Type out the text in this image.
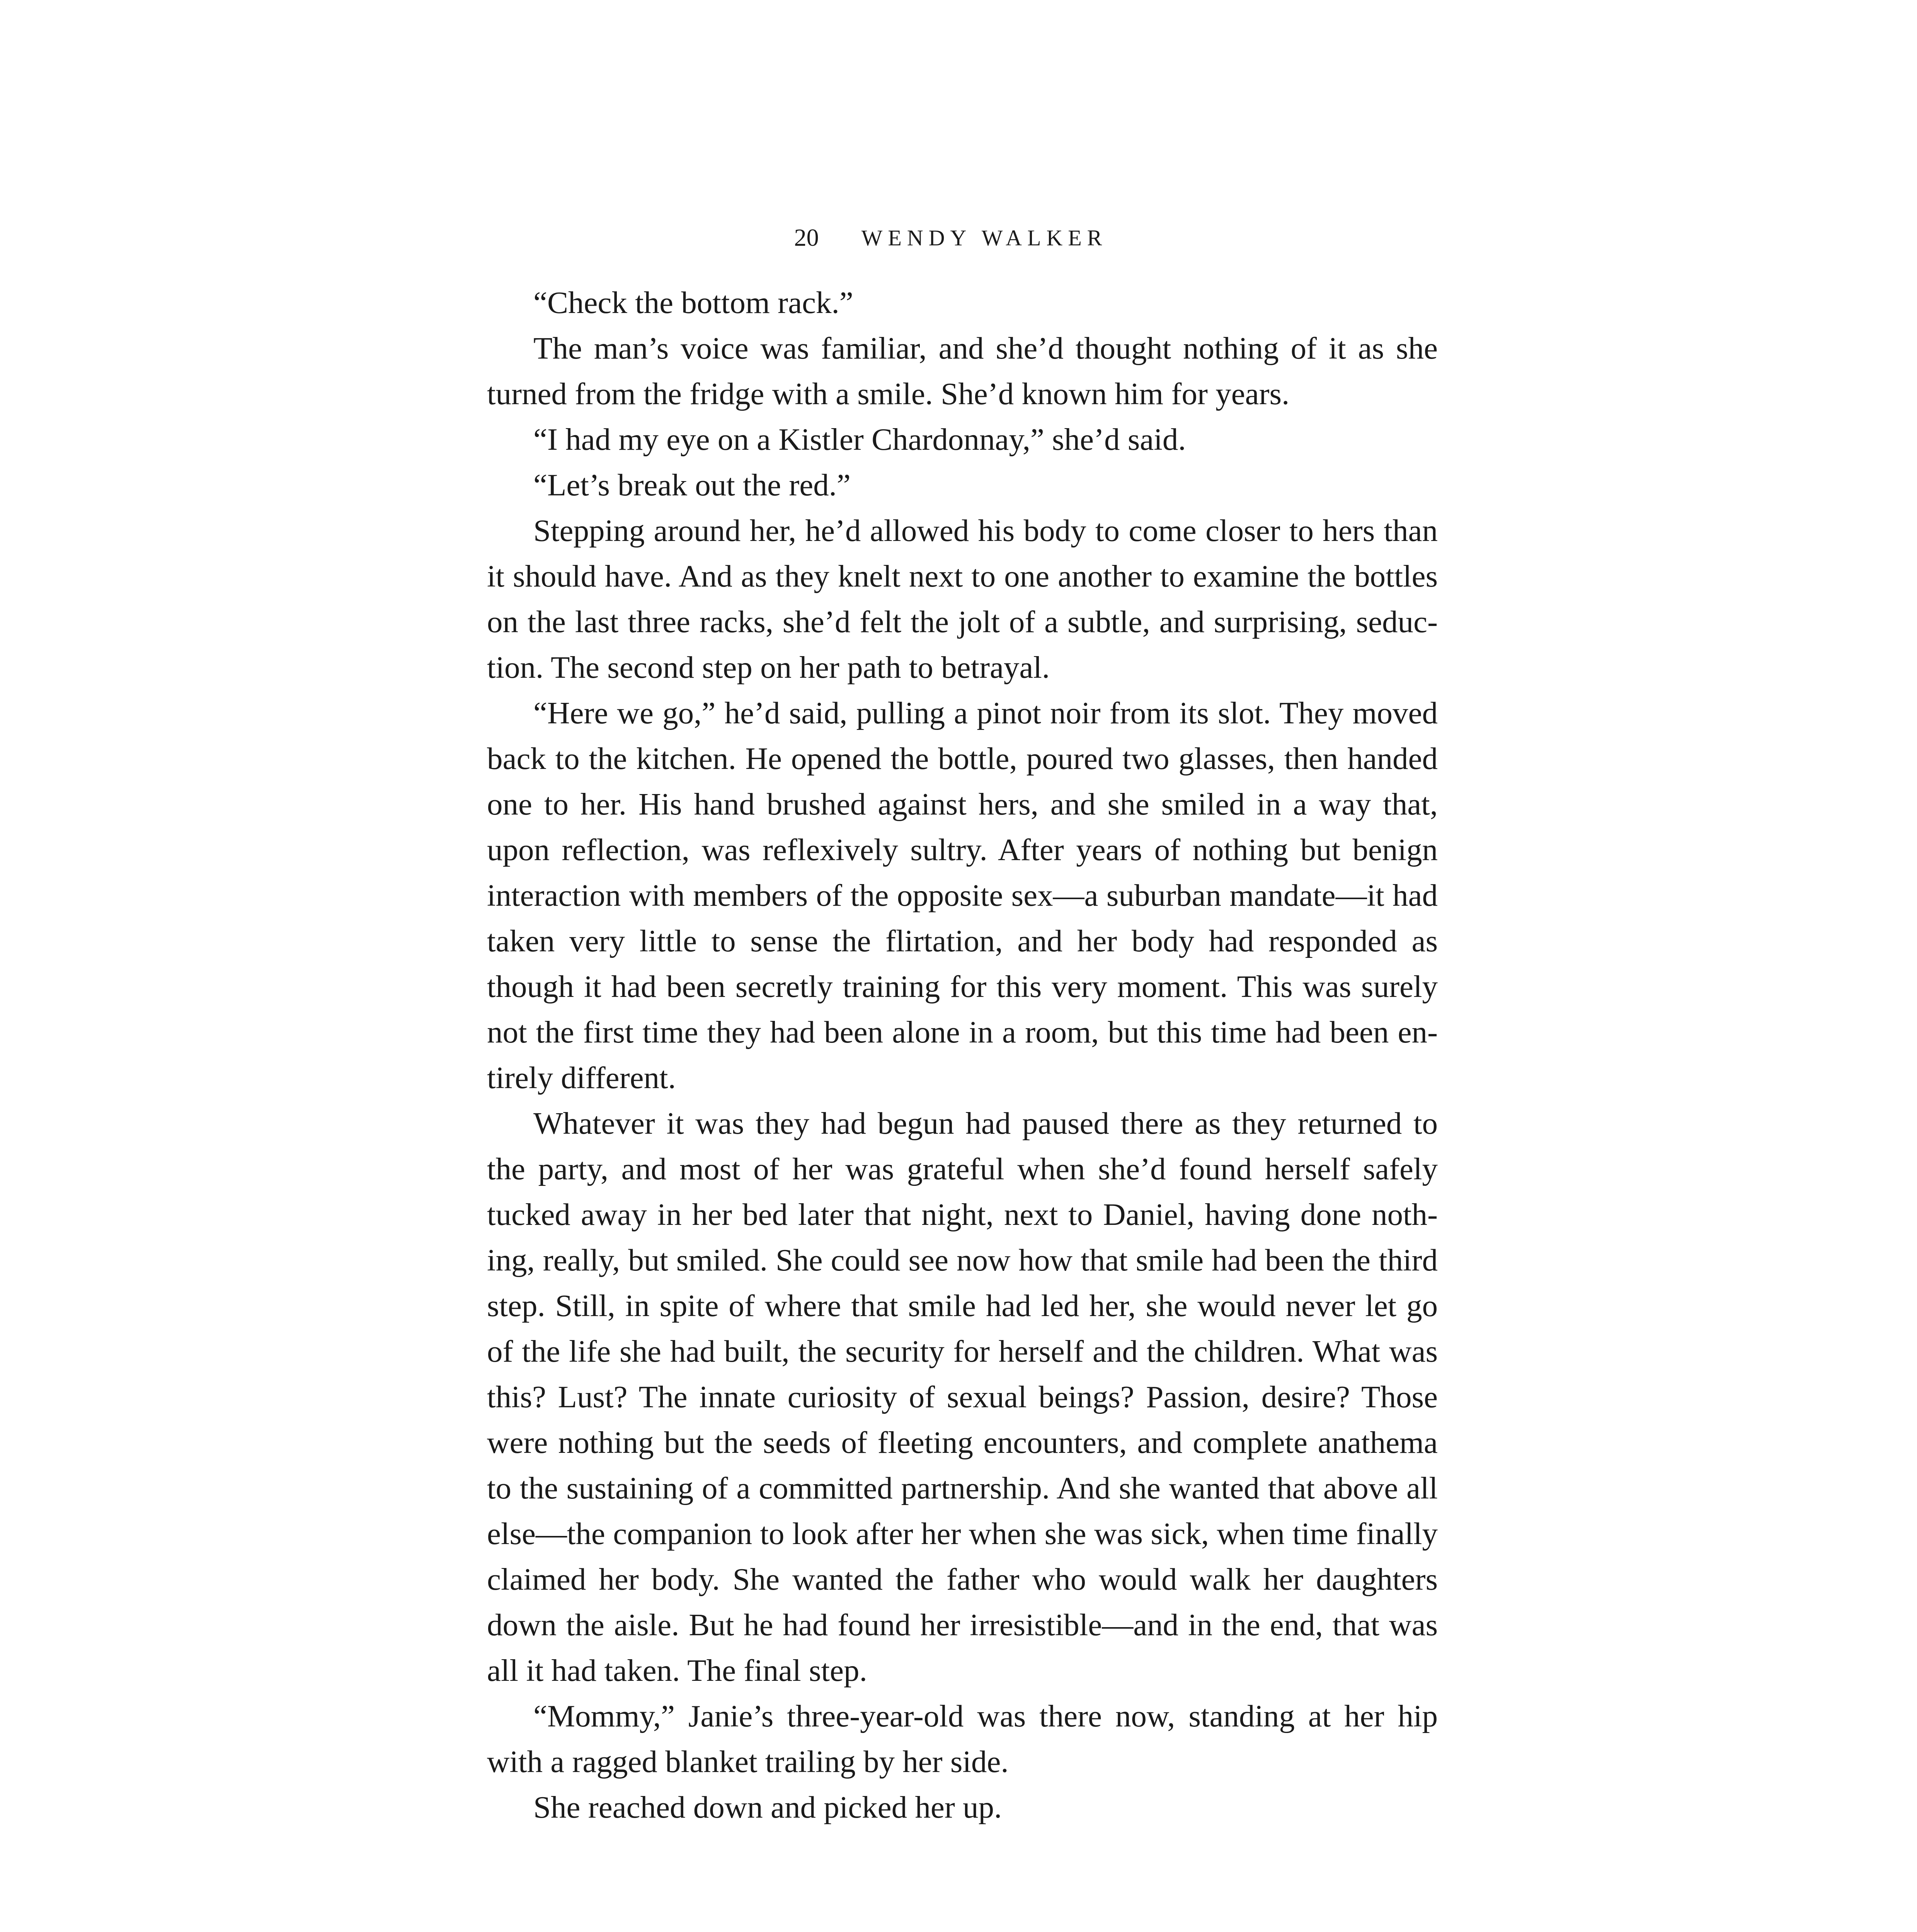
20 WENDY WALKER

“Check the bottom rack.”

The man’s voice was familiar, and she’d thought nothing of it as she turned from the fridge with a smile. She’d known him for years.

“I had my eye on a Kistler Chardonnay,” she’d said.

“Let’s break out the red.”

Stepping around her, he’d allowed his body to come closer to hers than it should have. And as they knelt next to one another to examine the bottles on the last three racks, she’d felt the jolt of a subtle, and surprising, seduction. The second step on her path to betrayal.

“Here we go,” he’d said, pulling a pinot noir from its slot. They moved back to the kitchen. He opened the bottle, poured two glasses, then handed one to her. His hand brushed against hers, and she smiled in a way that, upon reflection, was reflexively sultry. After years of nothing but benign interaction with members of the opposite sex—a suburban mandate—it had taken very little to sense the flirtation, and her body had responded as though it had been secretly training for this very moment. This was surely not the first time they had been alone in a room, but this time had been entirely different.

Whatever it was they had begun had paused there as they returned to the party, and most of her was grateful when she’d found herself safely tucked away in her bed later that night, next to Daniel, having done nothing, really, but smiled. She could see now how that smile had been the third step. Still, in spite of where that smile had led her, she would never let go of the life she had built, the security for herself and the children. What was this? Lust? The innate curiosity of sexual beings? Passion, desire? Those were nothing but the seeds of fleeting encounters, and complete anathema to the sustaining of a committed partnership. And she wanted that above all else—the companion to look after her when she was sick, when time finally claimed her body. She wanted the father who would walk her daughters down the aisle. But he had found her irresistible—and in the end, that was all it had taken. The final step.

“Mommy,” Janie’s three-year-old was there now, standing at her hip with a ragged blanket trailing by her side.

She reached down and picked her up.
